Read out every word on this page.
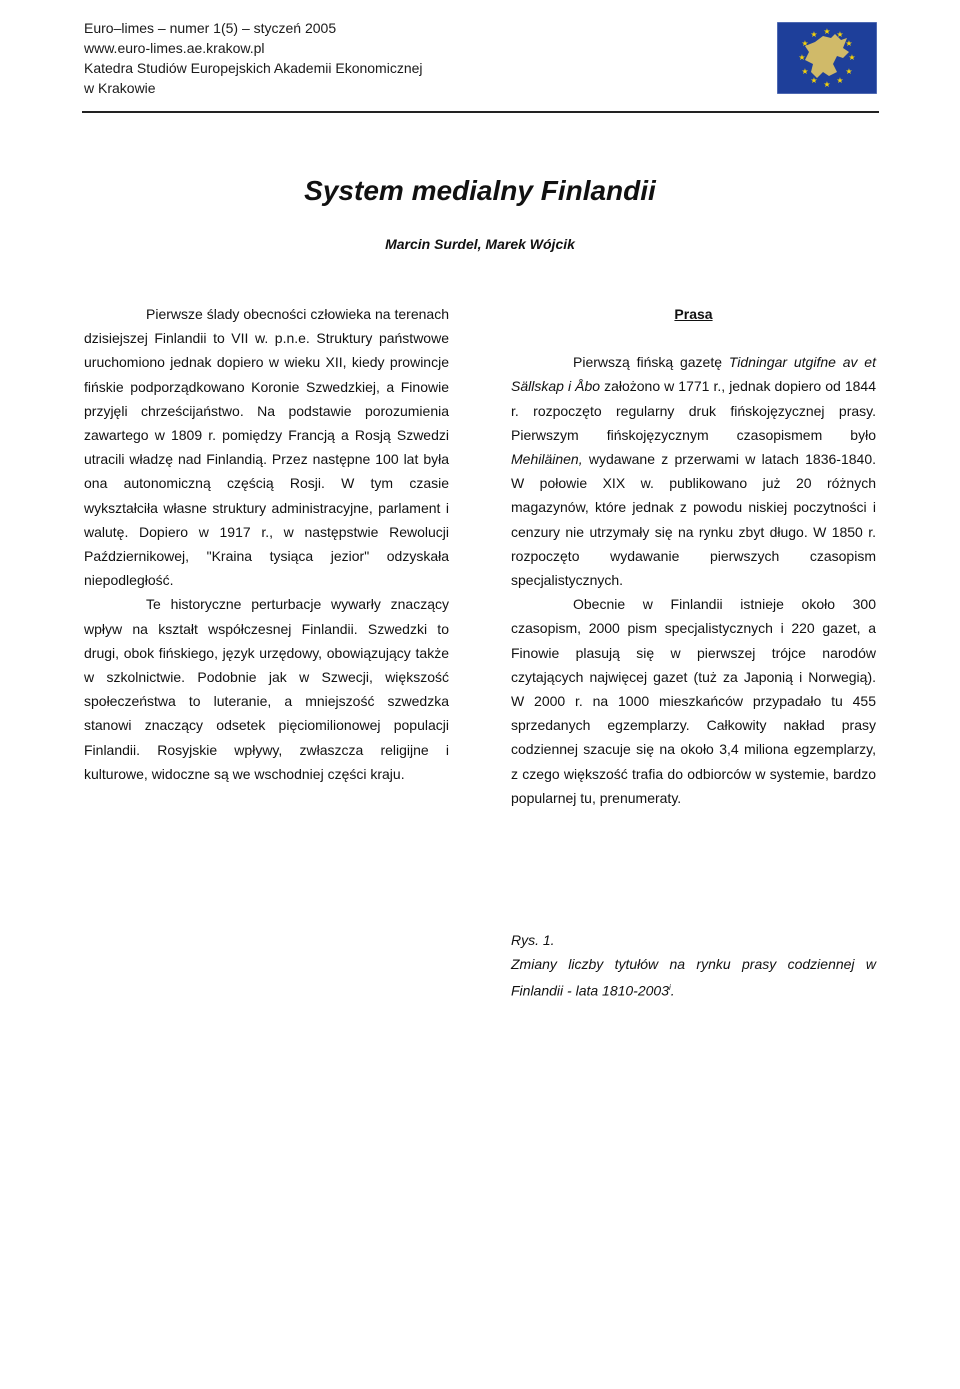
Euro–limes – numer 1(5) – styczeń 2005
www.euro-limes.ae.krakow.pl
Katedra Studiów Europejskich Akademii Ekonomicznej
w Krakowie
★ ★
★
★
★
★
★
★
★
★
★
★
System medialny Finlandii
Marcin Surdel, Marek Wójcik

Pierwsze ślady obecności człowieka na terenach dzisiejszej Finlandii to VII w. p.n.e. Struktury państwowe uruchomiono jednak dopiero w wieku XII, kiedy prowincje fińskie podporządkowano Koronie Szwedzkiej, a Finowie przyjęli chrześcijaństwo. Na podstawie porozumienia zawartego w 1809 r. pomiędzy Francją a Rosją Szwedzi utracili władzę nad Finlandią. Przez następne 100 lat była ona autonomiczną częścią Rosji. W tym czasie wykształciła własne struktury administracyjne, parlament i walutę. Dopiero w 1917 r., w następstwie Rewolucji Październikowej, "Kraina tysiąca jezior" odzyskała niepodległość.

Te historyczne perturbacje wywarły znaczący wpływ na kształt współczesnej Finlandii. Szwedzki to drugi, obok fińskiego, język urzędowy, obowiązujący także w szkolnictwie. Podobnie jak w Szwecji, większość społeczeństwa to luteranie, a mniejszość szwedzka stanowi znaczący odsetek pięciomilionowej populacji Finlandii. Rosyjskie wpływy, zwłaszcza religijne i kulturowe, widoczne są we wschodniej części kraju.

Prasa

Pierwszą fińską gazetę Tidningar utgifne av et Sällskap i Åbo założono w 1771 r., jednak dopiero od 1844 r. rozpoczęto regularny druk fińskojęzycznej prasy. Pierwszym fińskojęzycznym czasopismem było Mehiläinen, wydawane z przerwami w latach 1836-1840. W połowie XIX w. publikowano już 20 różnych magazynów, które jednak z powodu niskiej poczytności i cenzury nie utrzymały się na rynku zbyt długo. W 1850 r. rozpoczęto wydawanie pierwszych czasopism specjalistycznych.

Obecnie w Finlandii istnieje około 300 czasopism, 2000 pism specjalistycznych i 220 gazet, a Finowie plasują się w pierwszej trójce narodów czytających najwięcej gazet (tuż za Japonią i Norwegią). W 2000 r. na 1000 mieszkańców przypadało tu 455 sprzedanych egzemplarzy. Całkowity nakład prasy codziennej szacuje się na około 3,4 miliona egzemplarzy, z czego większość trafia do odbiorców w systemie, bardzo popularnej tu, prenumeraty.

Rys. 1.
Zmiany liczby tytułów na rynku prasy codziennej w Finlandii - lata 1810-2003$^i$.
